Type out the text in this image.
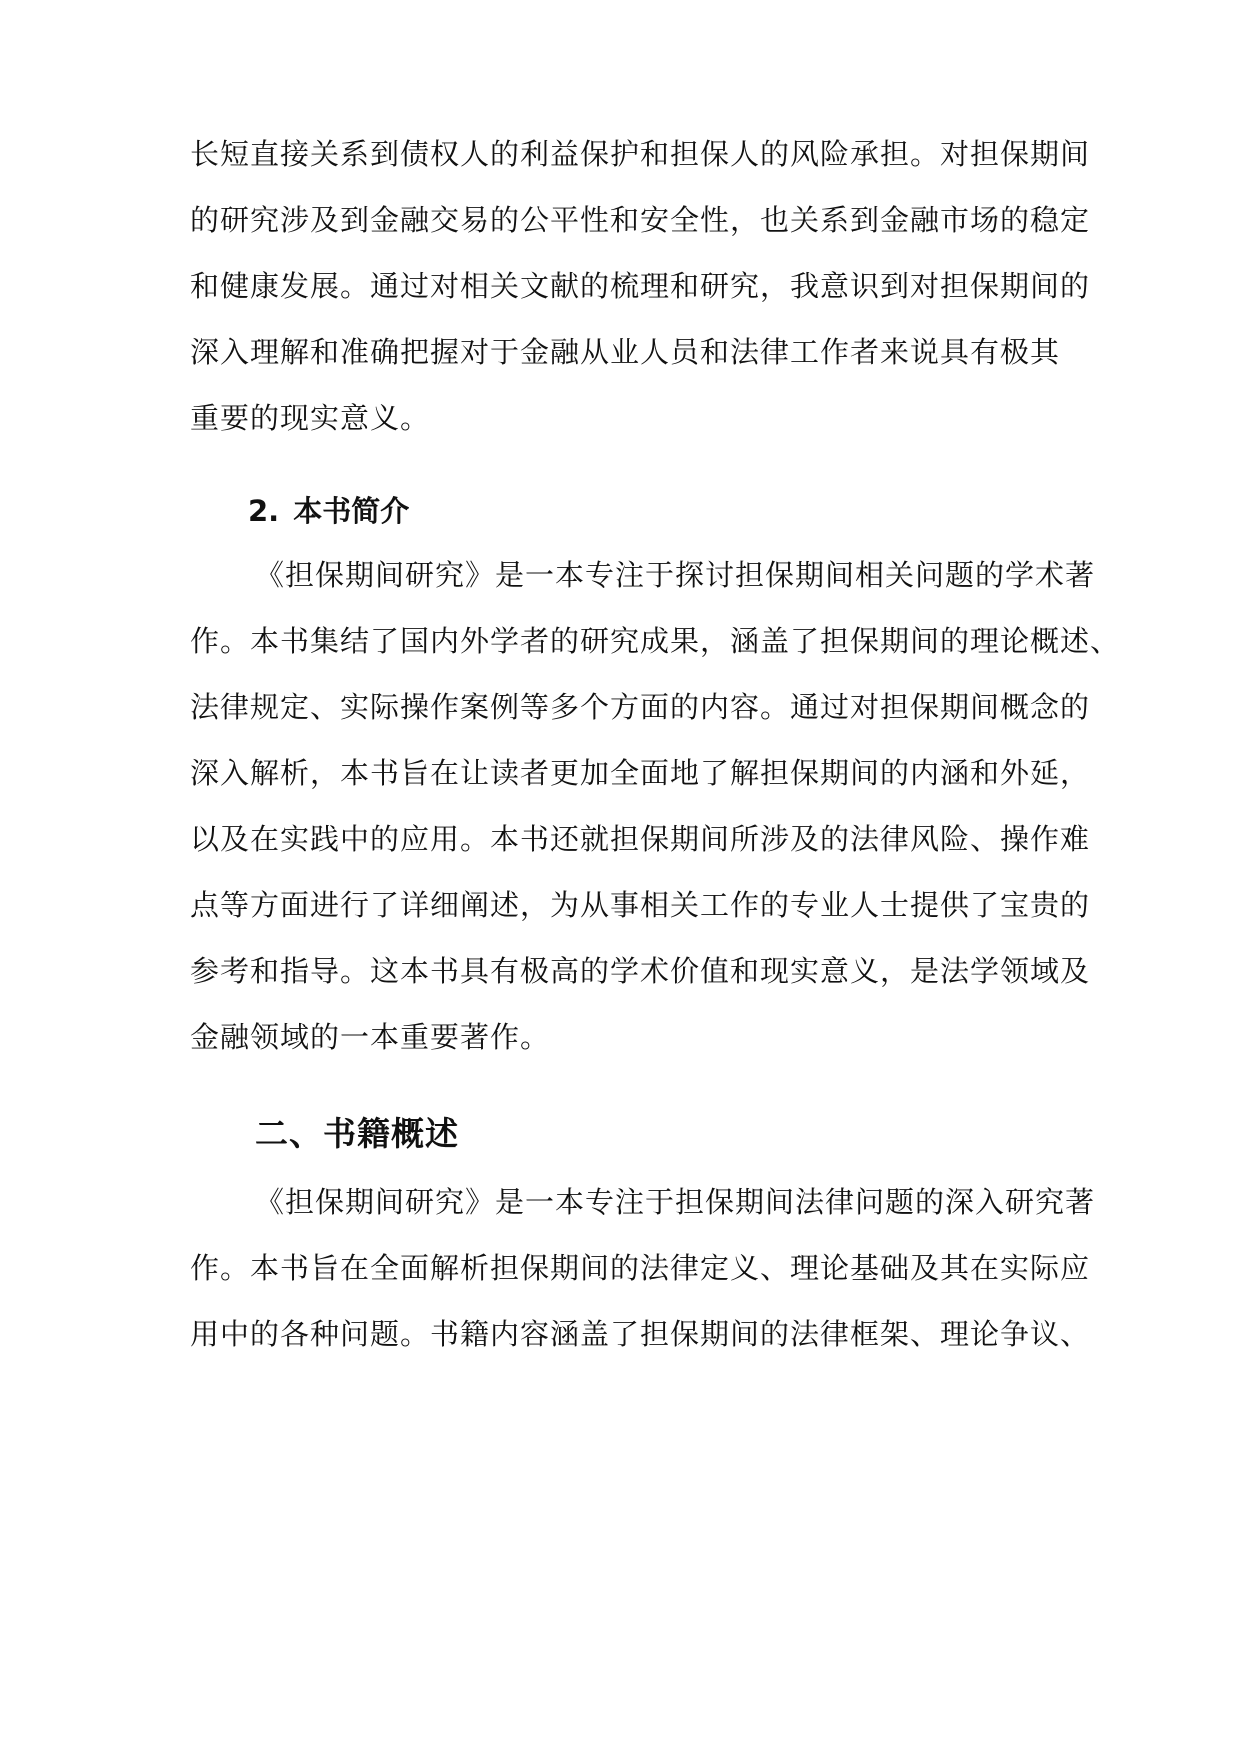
长短直接关系到债权人的利益保护和担保人的风险承担。对担保期间
的研究涉及到金融交易的公平性和安全性，也关系到金融市场的稳定
和健康发展。通过对相关文献的梳理和研究，我意识到对担保期间的
深入理解和准确把握对于金融从业人员和法律工作者来说具有极其
重要的现实意义。
2. 本书简介
《担保期间研究》是一本专注于探讨担保期间相关问题的学术著
作。本书集结了国内外学者的研究成果，涵盖了担保期间的理论概述、
法律规定、实际操作案例等多个方面的内容。通过对担保期间概念的
深入解析，本书旨在让读者更加全面地了解担保期间的内涵和外延，
以及在实践中的应用。本书还就担保期间所涉及的法律风险、操作难
点等方面进行了详细阐述，为从事相关工作的专业人士提供了宝贵的
参考和指导。这本书具有极高的学术价值和现实意义，是法学领域及
金融领域的一本重要著作。
二、书籍概述
《担保期间研究》是一本专注于担保期间法律问题的深入研究著
作。本书旨在全面解析担保期间的法律定义、理论基础及其在实际应
用中的各种问题。书籍内容涵盖了担保期间的法律框架、理论争议、
